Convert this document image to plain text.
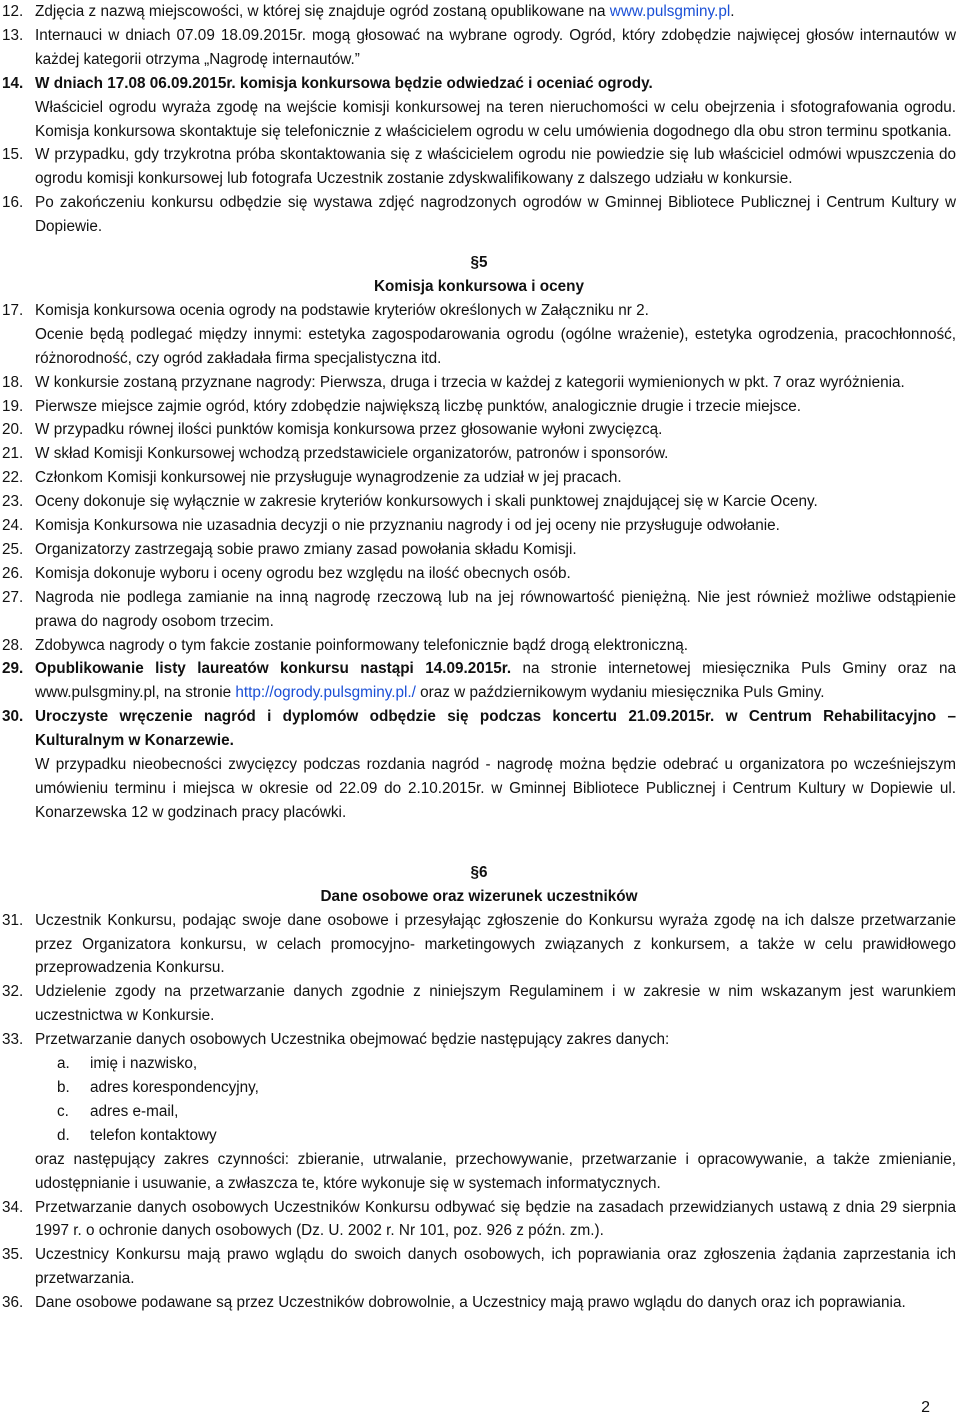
12. Zdjęcia z nazwą miejscowości, w której się znajduje ogród zostaną opublikowane na www.pulsgminy.pl.
13. Internauci w dniach 07.09 18.09.2015r. mogą głosować na wybrane ogrody. Ogród, który zdobędzie najwięcej głosów internautów w każdej kategorii otrzyma „Nagrodę internautów.”
14. W dniach 17.08 06.09.2015r. komisja konkursowa będzie odwiedzać i oceniać ogrody.
Właściciel ogrodu wyraża zgodę na wejście komisji konkursowej na teren nieruchomości w celu obejrzenia i sfotografowania ogrodu. Komisja konkursowa skontaktuje się telefonicznie z właścicielem ogrodu w celu umówienia dogodnego dla obu stron terminu spotkania.
15. W przypadku, gdy trzykrotna próba skontaktowania się z właścicielem ogrodu nie powiedzie się lub właściciel odmówi wpuszczenia do ogrodu komisji konkursowej lub fotografa Uczestnik zostanie zdyskwalifikowany z dalszego udziału w konkursie.
16. Po zakończeniu konkursu odbędzie się wystawa zdjęć nagrodzonych ogrodów w Gminnej Bibliotece Publicznej i Centrum Kultury w Dopiewie.
§5
Komisja konkursowa i oceny
17. Komisja konkursowa ocenia ogrody na podstawie kryteriów określonych w Załączniku nr 2.
Ocenie będą podlegać między innymi: estetyka zagospodarowania ogrodu (ogólne wrażenie), estetyka ogrodzenia, pracochłonność, różnorodność, czy ogród zakładała firma specjalistyczna itd.
18. W konkursie zostaną przyznane nagrody: Pierwsza, druga i trzecia w każdej z kategorii wymienionych w pkt. 7 oraz wyróżnienia.
19. Pierwsze miejsce zajmie ogród, który zdobędzie największą liczbę punktów, analogicznie drugie i trzecie miejsce.
20. W przypadku równej ilości punktów komisja konkursowa przez głosowanie wyłoni zwycięzcą.
21. W skład Komisji Konkursowej wchodzą przedstawiciele organizatorów, patronów i sponsorów.
22. Członkom Komisji konkursowej nie przysługuje wynagrodzenie za udział w jej pracach.
23. Oceny dokonuje się wyłącznie w zakresie kryteriów konkursowych i skali punktowej znajdującej się w Karcie Oceny.
24. Komisja Konkursowa nie uzasadnia decyzji o nie przyznaniu nagrody i od jej oceny nie przysługuje odwołanie.
25. Organizatorzy zastrzegają sobie prawo zmiany zasad powołania składu Komisji.
26. Komisja dokonuje wyboru i oceny ogrodu bez względu na ilość obecnych osób.
27. Nagroda nie podlega zamianie na inną nagrodę rzeczową lub na jej równowartość pieniężną. Nie jest również możliwe odstąpienie prawa do nagrody osobom trzecim.
28. Zdobywca nagrody o tym fakcie zostanie poinformowany telefonicznie bądź drogą elektroniczną.
29. Opublikowanie listy laureatów konkursu nastąpi 14.09.2015r. na stronie internetowej miesięcznika Puls Gminy oraz na www.pulsgminy.pl, na stronie http://ogrody.pulsgminy.pl./ oraz w październikowym wydaniu miesięcznika Puls Gminy.
30. Uroczyste wręczenie nagród i dyplomów odbędzie się podczas koncertu 21.09.2015r. w Centrum Rehabilitacyjno – Kulturalnym w Konarzewie.
W przypadku nieobecności zwycięzcy podczas rozdania nagród - nagrodę można będzie odebrać u organizatora po wcześniejszym umówieniu terminu i miejsca w okresie od 22.09 do 2.10.2015r. w Gminnej Bibliotece Publicznej i Centrum Kultury w Dopiewie ul. Konarzewska 12 w godzinach pracy placówki.
§6
Dane osobowe oraz wizerunek uczestników
31. Uczestnik Konkursu, podając swoje dane osobowe i przesyłając zgłoszenie do Konkursu wyraża zgodę na ich dalsze przetwarzanie przez Organizatora konkursu, w celach promocyjno- marketingowych związanych z konkursem, a także w celu prawidłowego przeprowadzenia Konkursu.
32. Udzielenie zgody na przetwarzanie danych zgodnie z niniejszym Regulaminem i w zakresie w nim wskazanym jest warunkiem uczestnictwa w Konkursie.
33. Przetwarzanie danych osobowych Uczestnika obejmować będzie następujący zakres danych:
a. imię i nazwisko,
b. adres korespondencyjny,
c. adres e-mail,
d. telefon kontaktowy
oraz następujący zakres czynności: zbieranie, utrwalanie, przechowywanie, przetwarzanie i opracowywanie, a także zmienianie, udostępnianie i usuwanie, a zwłaszcza te, które wykonuje się w systemach informatycznych.
34. Przetwarzanie danych osobowych Uczestników Konkursu odbywać się będzie na zasadach przewidzianych ustawą z dnia 29 sierpnia 1997 r. o ochronie danych osobowych (Dz. U. 2002 r. Nr 101, poz. 926 z późn. zm.).
35. Uczestnicy Konkursu mają prawo wglądu do swoich danych osobowych, ich poprawiania oraz zgłoszenia żądania zaprzestania ich przetwarzania.
36. Dane osobowe podawane są przez Uczestników dobrowolnie, a Uczestnicy mają prawo wglądu do danych oraz ich poprawiania.
2
